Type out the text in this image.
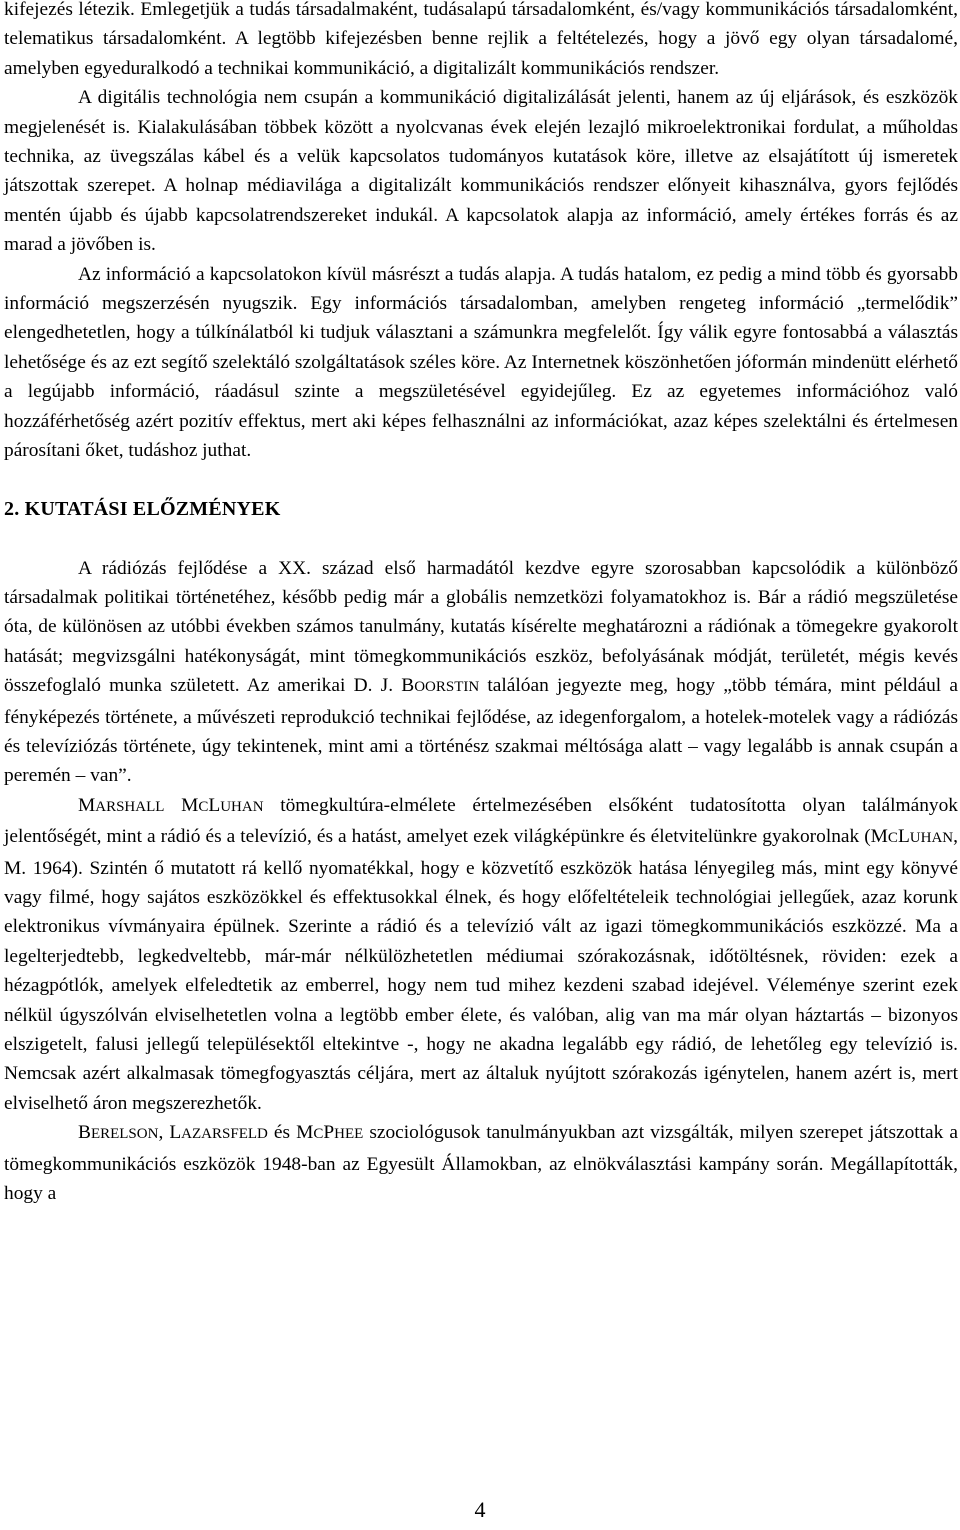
kifejezés létezik. Emlegetjük a tudás társadalmaként, tudásalapú társadalomként, és/vagy kommunikációs társadalomként, telematikus társadalomként. A legtöbb kifejezésben benne rejlik a feltételezés, hogy a jövő egy olyan társadalomé, amelyben egyeduralkodó a technikai kommunikáció, a digitalizált kommunikációs rendszer.

A digitális technológia nem csupán a kommunikáció digitalizálását jelenti, hanem az új eljárások, és eszközök megjelenését is. Kialakulásában többek között a nyolcvanas évek elején lezajló mikroelektronikai fordulat, a műholdas technika, az üvegszálas kábel és a velük kapcsolatos tudományos kutatások köre, illetve az elsajátított új ismeretek játszottak szerepet. A holnap médiavilága a digitalizált kommunikációs rendszer előnyeit kihasználva, gyors fejlődés mentén újabb és újabb kapcsolatrendszereket indukál. A kapcsolatok alapja az információ, amely értékes forrás és az marad a jövőben is.

Az információ a kapcsolatokon kívül másrészt a tudás alapja. A tudás hatalom, ez pedig a mind több és gyorsabb információ megszerzésén nyugszik. Egy információs társadalomban, amelyben rengeteg információ „termelődik” elengedhetetlen, hogy a túlkínálatból ki tudjuk választani a számunkra megfelelőt. Így válik egyre fontosabbá a választás lehetősége és az ezt segítő szelektáló szolgáltatások széles köre. Az Internetnek köszönhetően jóformán mindenütt elérhető a legújabb információ, ráadásul szinte a megszületésével egyidejűleg. Ez az egyetemes információhoz való hozzáférhetőség azért pozitív effektus, mert aki képes felhasználni az információkat, azaz képes szelektálni és értelmesen párosítani őket, tudáshoz juthat.

2. KUTATÁSI ELŐZMÉNYEK

A rádiózás fejlődése a XX. század első harmadától kezdve egyre szorosabban kapcsolódik a különböző társadalmak politikai történetéhez, később pedig már a globális nemzetközi folyamatokhoz is. Bár a rádió megszületése óta, de különösen az utóbbi években számos tanulmány, kutatás kísérelte meghatározni a rádiónak a tömegekre gyakorolt hatását; megvizsgálni hatékonyságát, mint tömegkommunikációs eszköz, befolyásának módját, területét, mégis kevés összefoglaló munka született. Az amerikai D. J. BOORSTIN találóan jegyezte meg, hogy „több témára, mint például a fényképezés története, a művészeti reprodukció technikai fejlődése, az idegenforgalom, a hotelek-motelek vagy a rádiózás és televíziózás története, úgy tekintenek, mint ami a történész szakmai méltósága alatt – vagy legalább is annak csupán a peremén – van”.

MARSHALL MCLUHAN tömegkultúra-elmélete értelmezésében elsőként tudatosította olyan találmányok jelentőségét, mint a rádió és a televízió, és a hatást, amelyet ezek világképünkre és életvitelünkre gyakorolnak (MCLUHAN, M. 1964). Szintén ő mutatott rá kellő nyomatékkal, hogy e közvetítő eszközök hatása lényegileg más, mint egy könyvé vagy filmé, hogy sajátos eszközökkel és effektusokkal élnek, és hogy előfeltételeik technológiai jellegűek, azaz korunk elektronikus vívmányaira épülnek. Szerinte a rádió és a televízió vált az igazi tömegkommunikációs eszközzé. Ma a legelterjedtebb, legkedveltebb, már-már nélkülözhetetlen médiumai szórakozásnak, időtöltésnek, röviden: ezek a hézagpótlók, amelyek elfeledtetik az emberrel, hogy nem tud mihez kezdeni szabad idejével. Véleménye szerint ezek nélkül úgyszólván elviselhetetlen volna a legtöbb ember élete, és valóban, alig van ma már olyan háztartás – bizonyos elszigetelt, falusi jellegű településektől eltekintve -, hogy ne akadna legalább egy rádió, de lehetőleg egy televízió is. Nemcsak azért alkalmasak tömegfogyasztás céljára, mert az általuk nyújtott szórakozás igénytelen, hanem azért is, mert elviselhető áron megszerezhetők.

BERELSON, LAZARSFELD és MCPHEE szociológusok tanulmányukban azt vizsgálták, milyen szerepet játszottak a tömegkommunikációs eszközök 1948-ban az Egyesült Államokban, az elnökválasztási kampány során. Megállapították, hogy a

4
